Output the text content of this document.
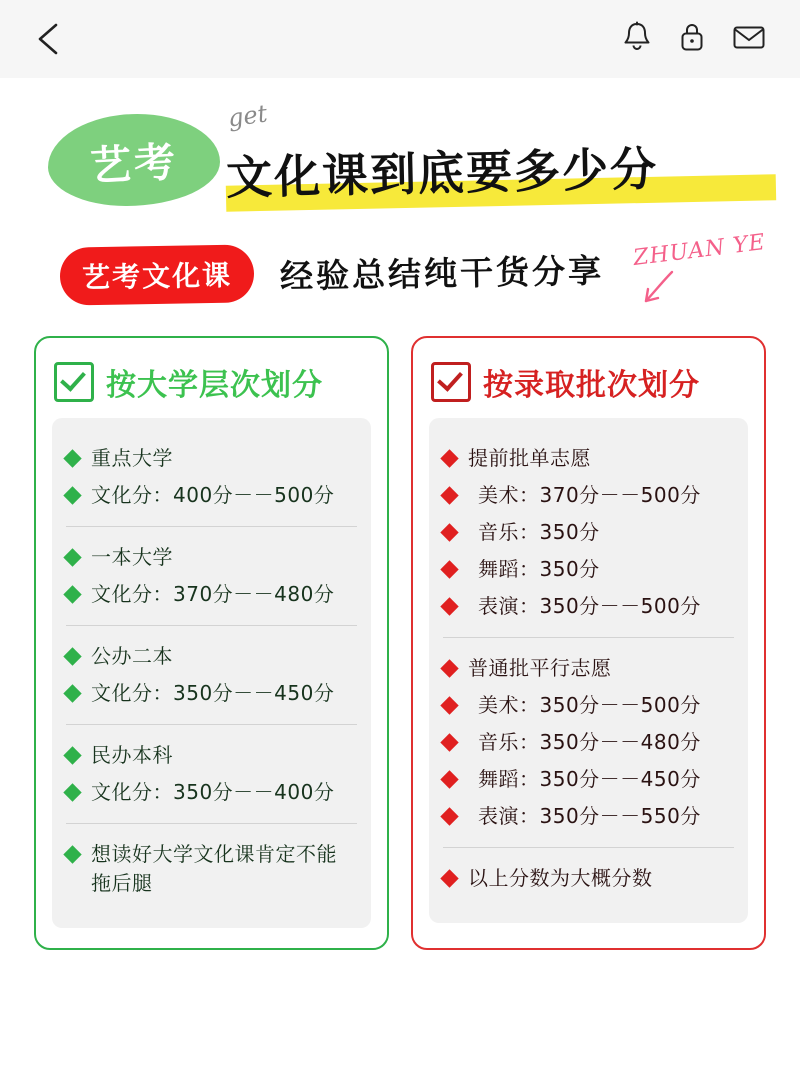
艺考
get
文化课到底要多少分
艺考文化课	经验总结纯干货分享
ZHUAN YE
按大学层次划分
重点大学
文化分：400分－－500分
一本大学
文化分：370分－－480分
公办二本
文化分：350分－－450分
民办本科
文化分：350分－－400分
想读好大学文化课肯定不能拖后腿
按录取批次划分
提前批单志愿
美术：370分－－500分
音乐：350分
舞蹈：350分
表演：350分－－500分
普通批平行志愿
美术：350分－－500分
音乐：350分－－480分
舞蹈：350分－－450分
表演：350分－－550分
以上分数为大概分数
